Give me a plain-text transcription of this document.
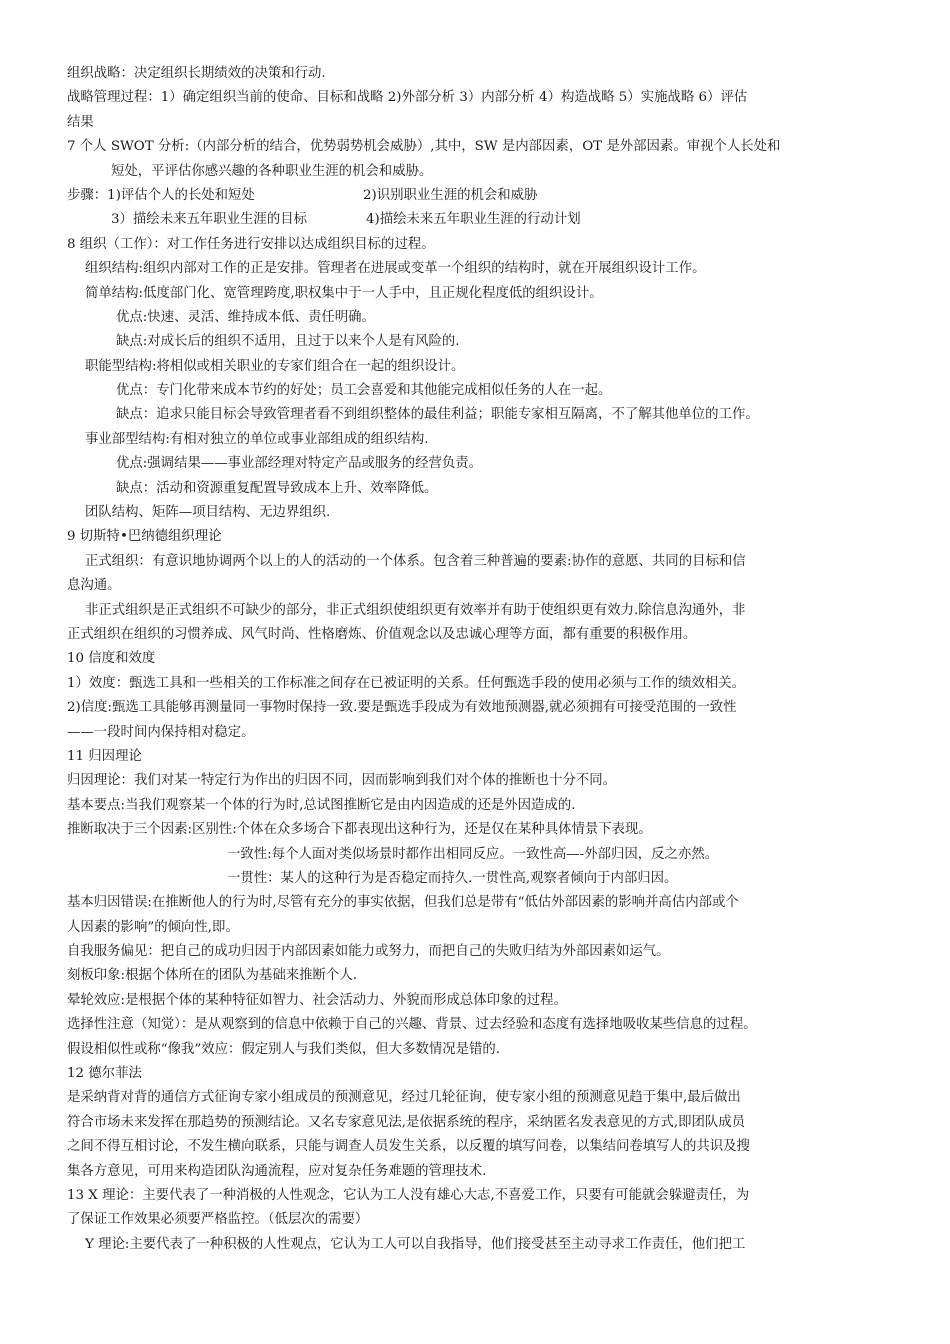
组织战略：决定组织长期绩效的决策和行动.
战略管理过程：1）确定组织当前的使命、目标和战略 2)外部分析 3）内部分析 4）构造战略 5）实施战略 6）评估
结果
7 个人 SWOT 分析:（内部分析的结合，优势弱势机会威胁）,其中，SW 是内部因素，OT 是外部因素。审视个人长处和
短处，平评估你感兴趣的各种职业生涯的机会和威胁。
步骤：1)评估个人的长处和短处	2)识别职业生涯的机会和威胁
3）描绘未来五年职业生涯的目标	4)描绘未来五年职业生涯的行动计划
8 组织（工作）：对工作任务进行安排以达成组织目标的过程。
组织结构:组织内部对工作的正是安排。管理者在进展或变革一个组织的结构时，就在开展组织设计工作。
简单结构:低度部门化、宽管理跨度,职权集中于一人手中，且正规化程度低的组织设计。
优点:快速、灵活、维持成本低、责任明确。
缺点:对成长后的组织不适用，且过于以来个人是有风险的.
职能型结构:将相似或相关职业的专家们组合在一起的组织设计。
优点：专门化带来成本节约的好处；员工会喜爱和其他能完成相似任务的人在一起。
缺点：追求只能目标会导致管理者看不到组织整体的最佳利益；职能专家相互隔离，不了解其他单位的工作。
事业部型结构:有相对独立的单位或事业部组成的组织结构.
优点:强调结果——事业部经理对特定产品或服务的经营负责。
缺点：活动和资源重复配置导致成本上升、效率降低。
团队结构、矩阵—项目结构、无边界组织.
9 切斯特•巴纳德组织理论
正式组织：有意识地协调两个以上的人的活动的一个体系。包含着三种普遍的要素:协作的意愿、共同的目标和信
息沟通。
非正式组织是正式组织不可缺少的部分，非正式组织使组织更有效率并有助于使组织更有效力.除信息沟通外，非
正式组织在组织的习惯养成、风气时尚、性格磨炼、价值观念以及忠诚心理等方面，都有重要的积极作用。
10 信度和效度
1）效度：甄选工具和一些相关的工作标准之间存在已被证明的关系。任何甄选手段的使用必须与工作的绩效相关。
2)信度:甄选工具能够再测量同一事物时保持一致.要是甄选手段成为有效地预测器,就必须拥有可接受范围的一致性
——一段时间内保持相对稳定。
11 归因理论
归因理论：我们对某一特定行为作出的归因不同，因而影响到我们对个体的推断也十分不同。
基本要点:当我们观察某一个体的行为时,总试图推断它是由内因造成的还是外因造成的.
推断取决于三个因素:区别性:个体在众多场合下都表现出这种行为，还是仅在某种具体情景下表现。
一致性:每个人面对类似场景时都作出相同反应。一致性高—-外部归因，反之亦然。
一贯性：某人的这种行为是否稳定而持久.一贯性高,观察者倾向于内部归因。
基本归因错误:在推断他人的行为时,尽管有充分的事实依据，但我们总是带有“低估外部因素的影响并高估内部或个
人因素的影响”的倾向性,即。
自我服务偏见：把自己的成功归因于内部因素如能力或努力，而把自己的失败归结为外部因素如运气。
刻板印象:根据个体所在的团队为基础来推断个人.
晕轮效应:是根据个体的某种特征如智力、社会活动力、外貌而形成总体印象的过程。
选择性注意（知觉）：是从观察到的信息中依赖于自己的兴趣、背景、过去经验和态度有选择地吸收某些信息的过程。
假设相似性或称“像我”效应：假定别人与我们类似，但大多数情况是错的.
12 德尔菲法
是采纳背对背的通信方式征询专家小组成员的预测意见，经过几轮征询，使专家小组的预测意见趋于集中,最后做出
符合市场未来发挥在那趋势的预测结论。又名专家意见法,是依据系统的程序，采纳匿名发表意见的方式,即团队成员
之间不得互相讨论，不发生横向联系，只能与调查人员发生关系，以反覆的填写问卷，以集结问卷填写人的共识及搜
集各方意见，可用来构造团队沟通流程，应对复杂任务难题的管理技术.
13 X 理论：主要代表了一种消极的人性观念，它认为工人没有雄心大志,不喜爱工作，只要有可能就会躲避责任，为
了保证工作效果必须要严格监控。（低层次的需要）
Y 理论:主要代表了一种积极的人性观点，它认为工人可以自我指导，他们接受甚至主动寻求工作责任，他们把工
